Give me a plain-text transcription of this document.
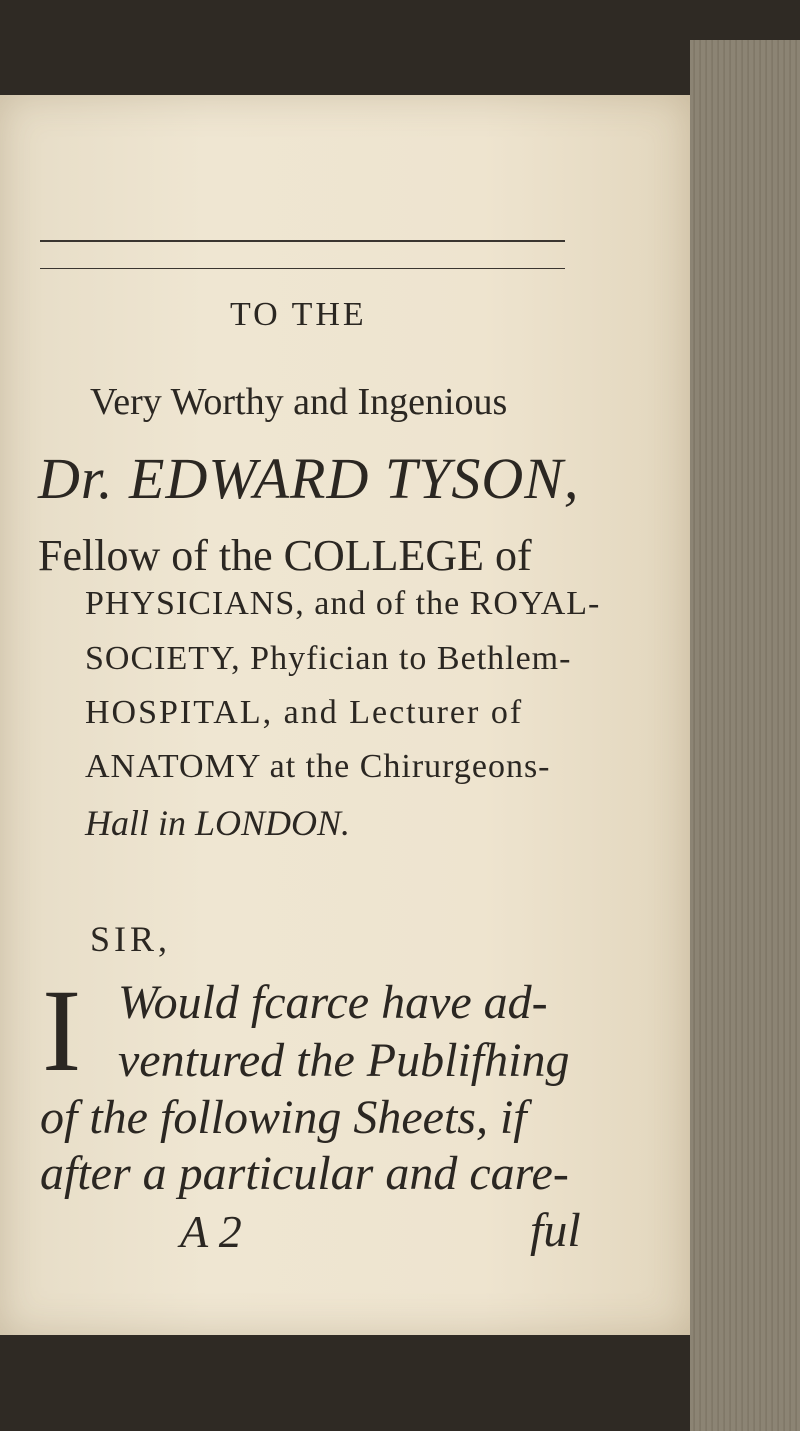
TO THE
Very Worthy and Ingenious
Dr. EDWARD TYSON,
Fellow of the COLLEGE of
PHYSICIANS, and of the ROYAL-
SOCIETY, Phyfician to Bethlem-
HOSPITAL, and Lecturer of
ANATOMY at the Chirurgeons-
Hall in LONDON.
SIR,
I Would fcarce have ad-
ventured the Publifhing
of the following Sheets, if
after a particular and care-
A 2	ful
